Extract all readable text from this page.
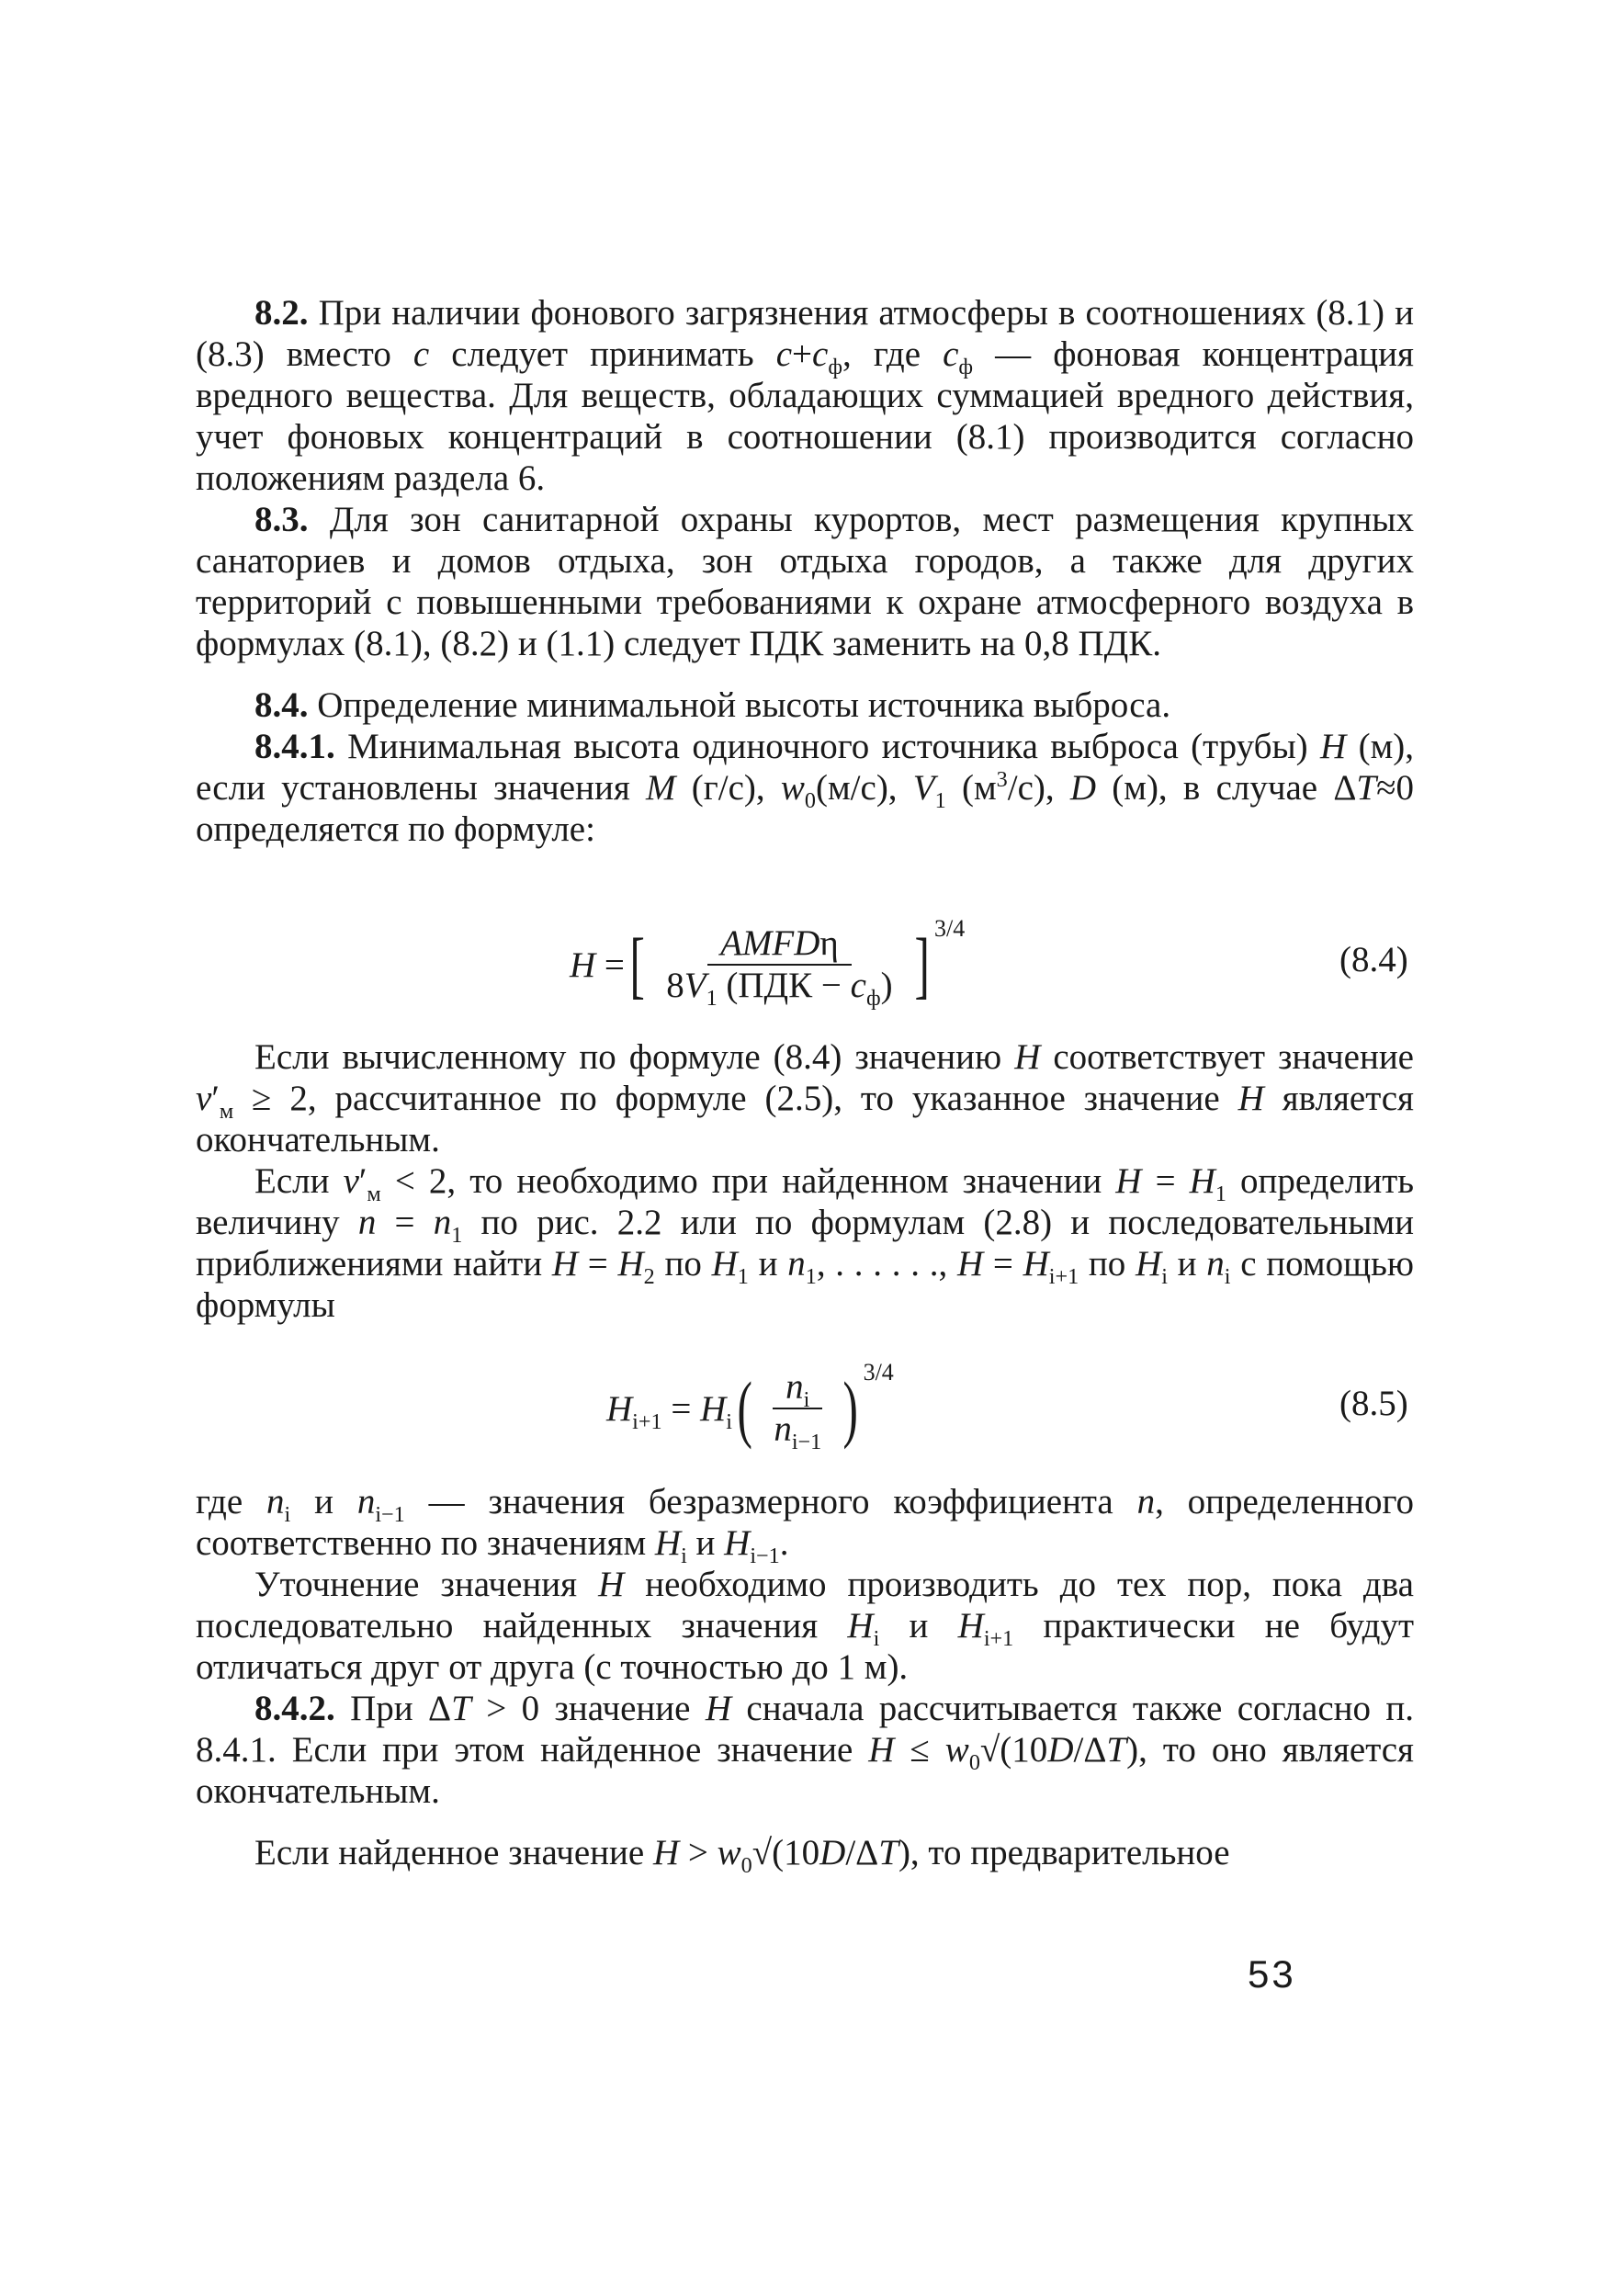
8.2. При наличии фонового загрязнения атмосферы в соотношениях (8.1) и (8.3) вместо c следует принимать $c+c_ф$, где $c_ф$ — фоновая концентрация вредного вещества. Для веществ, обладающих суммацией вредного действия, учет фоновых концентраций в соотношении (8.1) производится согласно положениям раздела 6.

8.3. Для зон санитарной охраны курортов, мест размещения крупных санаториев и домов отдыха, зон отдыха городов, а также для других территорий с повышенными требованиями к охране атмосферного воздуха в формулах (8.1), (8.2) и (1.1) следует ПДК заменить на 0,8 ПДК.

8.4. Определение минимальной высоты источника выброса.

8.4.1. Минимальная высота одиночного источника выброса (трубы) H (м), если установлены значения M (г/с), $w_0(м/с)$, $V_1$ $(м^3/с)$, D (м), в случае ΔT≈0 определяется по формуле:

H = [ $\frac{\text{AMFDη}}{8V_1 (ПДК - c_ф)}$ ] 3/4
(8.4)

Если вычисленному по формуле (8.4) значению H соответствует значение $v'_м \ge 2$, рассчитанное по формуле (2.5), то указанное значение H является окончательным.

Если $v'_м < 2$, то необходимо при найденном значении $H = H_1$ определить величину $n = n_1$ по рис. 2.2 или по формулам (2.8) и последовательными приближениями найти $H = H_2$ по $H_1$ и $n_1$, . . . . . ., $H = H_{i+1}$ по $H_i$ и $n_i$ с помощью формулы

$H_{i+1} = H_i$ ( $\frac{n_i}{n_{i-1}}$ ) 3/4
(8.5)

где $n_i$ и $n_{i-1}$ — значения безразмерного коэффициента n, определенного соответственно по значениям $H_i$ и $H_{i-1}$.

Уточнение значения H необходимо производить до тех пор, пока два последовательно найденных значения $H_i$ и $H_{i+1}$ практически не будут отличаться друг от друга (с точностью до 1 м).

8.4.2. При ΔT > 0 значение H сначала рассчитывается также согласно п. 8.4.1. Если при этом найденное значение $H \le w_0√(10D/\Delta T)$, то оно является окончательным.

Если найденное значение $H > w_0√(10D/\Delta T)$, то предварительное

53
